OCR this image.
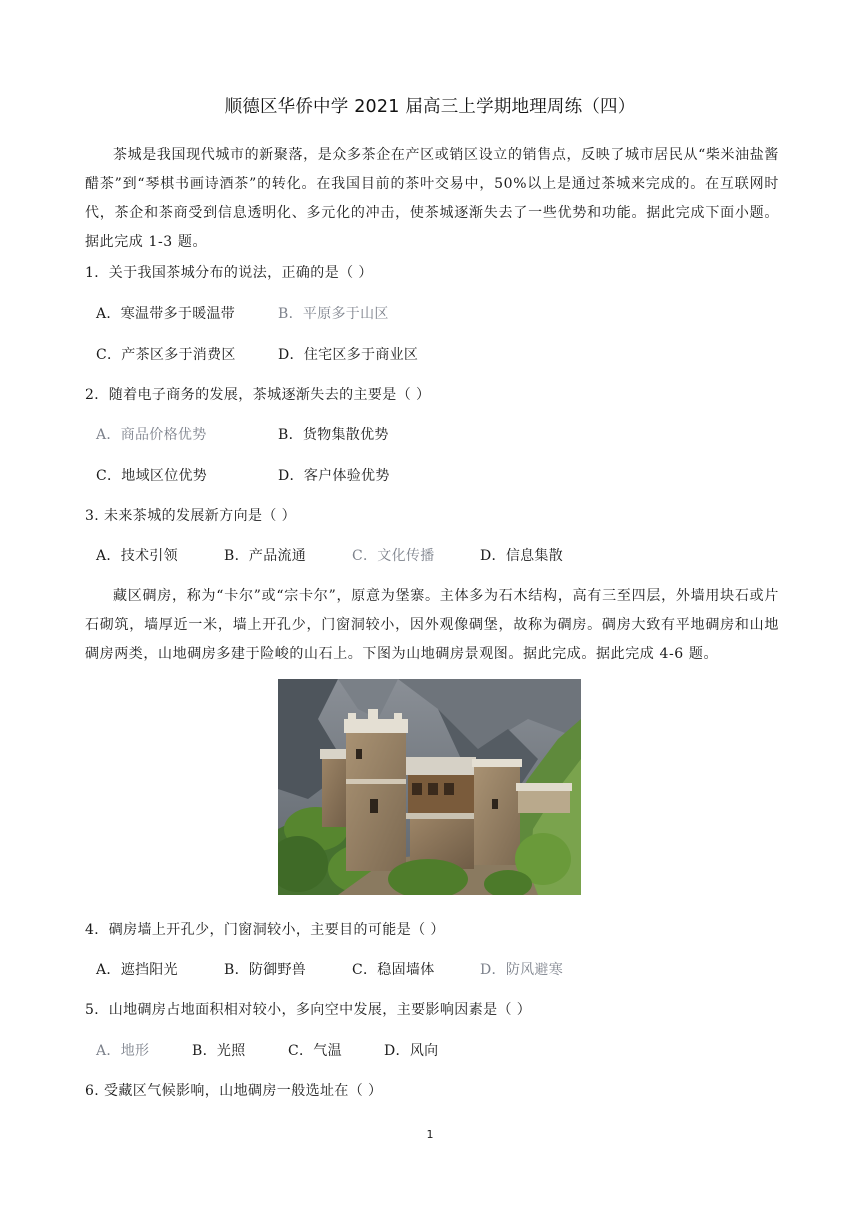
顺德区华侨中学 2021 届高三上学期地理周练（四）
茶城是我国现代城市的新聚落，是众多茶企在产区或销区设立的销售点，反映了城市居民从“柴米油盐酱醋茶”到“琴棋书画诗酒茶”的转化。在我国目前的茶叶交易中，50%以上是通过茶城来完成的。在互联网时代，茶企和茶商受到信息透明化、多元化的冲击，使茶城逐渐失去了一些优势和功能。据此完成下面小题。据此完成 1-3 题。
1．关于我国茶城分布的说法，正确的是（ ）
A．寒温带多于暖温带	B．平原多于山区
C．产茶区多于消费区	D．住宅区多于商业区
2．随着电子商务的发展，茶城逐渐失去的主要是（ ）
A．商品价格优势	B．货物集散优势
C．地域区位优势	D．客户体验优势
3. 未来茶城的发展新方向是（ ）
A．技术引领	B．产品流通	C．文化传播	D．信息集散
藏区碉房，称为“卡尔”或“宗卡尔”，原意为堡寨。主体多为石木结构，高有三至四层，外墙用块石或片石砌筑，墙厚近一米，墙上开孔少，门窗洞较小，因外观像碉堡，故称为碉房。碉房大致有平地碉房和山地碉房两类，山地碉房多建于险峻的山石上。下图为山地碉房景观图。据此完成。据此完成 4-6 题。
4．碉房墙上开孔少，门窗洞较小，主要目的可能是（ ）
A．遮挡阳光	B．防御野兽	C．稳固墙体	D．防风避寒
5．山地碉房占地面积相对较小，多向空中发展，主要影响因素是（ ）
A．地形	B．光照	C．气温	D．风向
6. 受藏区气候影响，山地碉房一般选址在（ ）
1
